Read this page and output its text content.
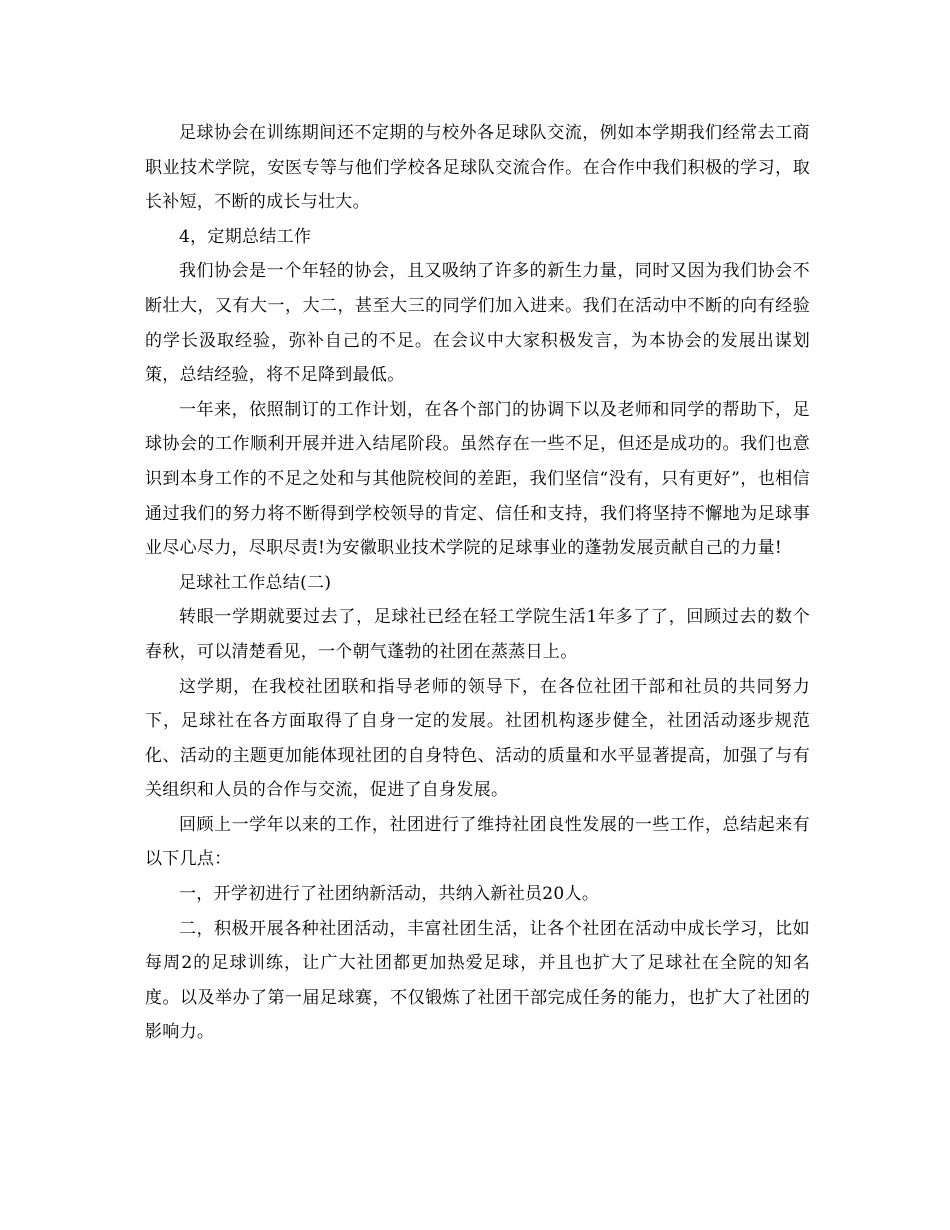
足球协会在训练期间还不定期的与校外各足球队交流，例如本学期我们经常去工商职业技术学院，安医专等与他们学校各足球队交流合作。在合作中我们积极的学习，取长补短，不断的成长与壮大。

4，定期总结工作

我们协会是一个年轻的协会，且又吸纳了许多的新生力量，同时又因为我们协会不断壮大，又有大一，大二，甚至大三的同学们加入进来。我们在活动中不断的向有经验的学长汲取经验，弥补自己的不足。在会议中大家积极发言，为本协会的发展出谋划策，总结经验，将不足降到最低。

一年来，依照制订的工作计划，在各个部门的协调下以及老师和同学的帮助下，足球协会的工作顺利开展并进入结尾阶段。虽然存在一些不足，但还是成功的。我们也意识到本身工作的不足之处和与其他院校间的差距，我们坚信“没有，只有更好”，也相信通过我们的努力将不断得到学校领导的肯定、信任和支持，我们将坚持不懈地为足球事业尽心尽力，尽职尽责!为安徽职业技术学院的足球事业的蓬勃发展贡献自己的力量!

足球社工作总结(二)

转眼一学期就要过去了，足球社已经在轻工学院生活1年多了了，回顾过去的数个春秋，可以清楚看见，一个朝气蓬勃的社团在蒸蒸日上。

这学期，在我校社团联和指导老师的领导下，在各位社团干部和社员的共同努力下，足球社在各方面取得了自身一定的发展。社团机构逐步健全，社团活动逐步规范化、活动的主题更加能体现社团的自身特色、活动的质量和水平显著提高，加强了与有关组织和人员的合作与交流，促进了自身发展。

回顾上一学年以来的工作，社团进行了维持社团良性发展的一些工作，总结起来有以下几点：

一，开学初进行了社团纳新活动，共纳入新社员20人。

二，积极开展各种社团活动，丰富社团生活，让各个社团在活动中成长学习，比如每周2的足球训练，让广大社团都更加热爱足球，并且也扩大了足球社在全院的知名度。以及举办了第一届足球赛，不仅锻炼了社团干部完成任务的能力，也扩大了社团的影响力。
